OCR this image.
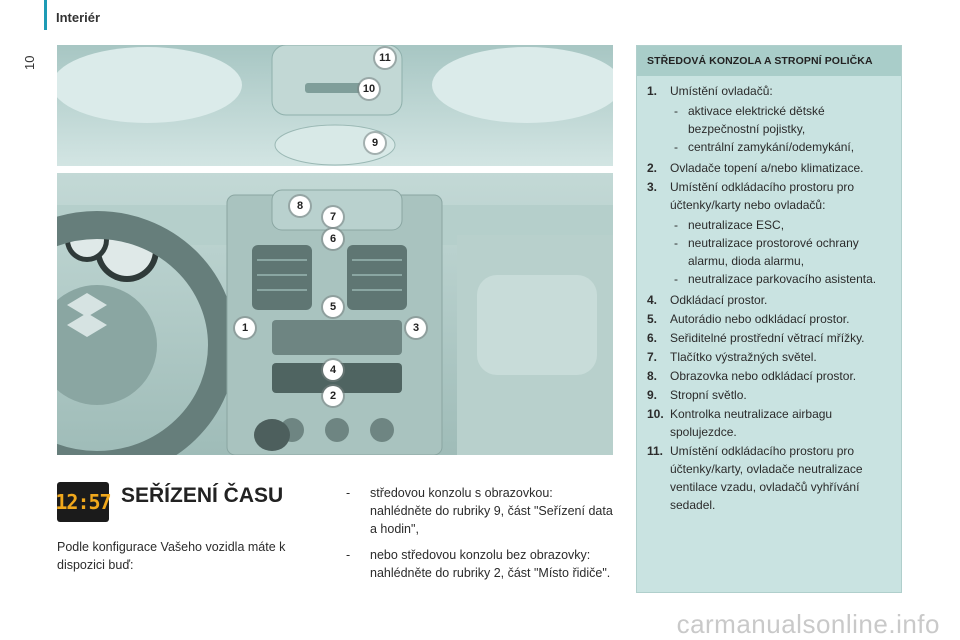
Interiér
10	11
10
9
8
7
6
5
1	3
4
2
STŘEDOVÁ KONZOLA A STROPNÍ POLIČKA
1.	Umístění ovladačů:
- aktivace elektrické dětské bezpečnostní pojistky,
- centrální zamykání/odemykání,
2.	Ovladače topení a/nebo klimatizace.
3.	Umístění odkládacího prostoru pro účtenky/karty nebo ovladačů:
- neutralizace ESC,
- neutralizace prostorové ochrany alarmu, dioda alarmu,
- neutralizace parkovacího asistenta.
4.	Odkládací prostor.
5.	Autorádio nebo odkládací prostor.
6.	Seřiditelné prostřední větrací mřížky.
7.	Tlačítko výstražných světel.
8.	Obrazovka nebo odkládací prostor.
9.	Stropní světlo.
10. Kontrolka neutralizace airbagu spolujezdce.
11. Umístění odkládacího prostoru pro účtenky/karty, ovladače neutralizace ventilace vzadu, ovladačů vyhřívání sedadel.
12:57 SEŘÍZENÍ ČASU
Podle konfigurace Vašeho vozidla máte k dispozici buď:
-	středovou konzolu s obrazovkou: nahlédněte do rubriky 9, část "Seřízení data a hodin",
-	nebo středovou konzolu bez obrazovky: nahlédněte do rubriky 2, část "Místo řidiče".
carmanualsonline.info
